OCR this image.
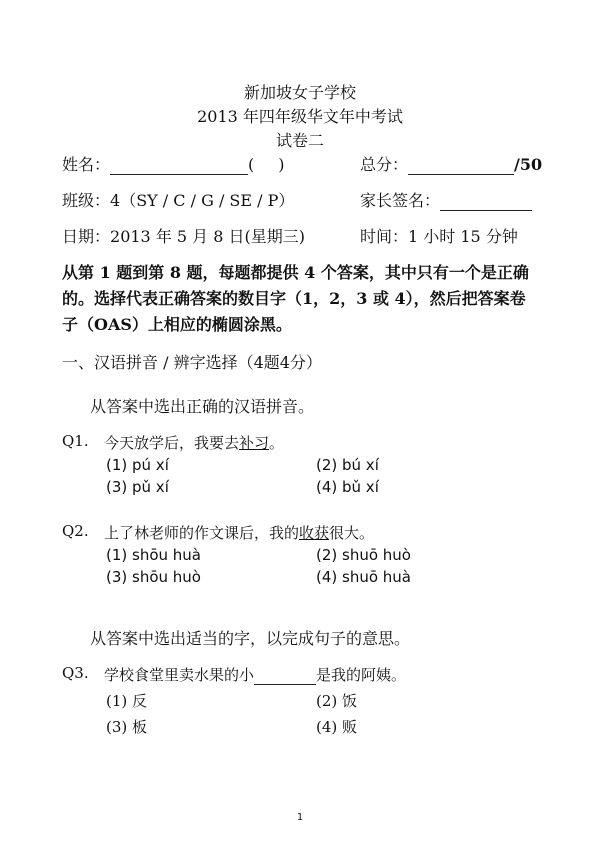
新加坡女子学校
2013 年四年级华文年中考试
试卷二
姓名：	( )	总分：	/50
班级：4（SY / C / G / SE / P）	家长签名：
日期：2013 年 5 月 8 日(星期三)	时间：1 小时 15 分钟
从第 1 题到第 8 题，每题都提供 4 个答案，其中只有一个是正确的。选择代表正确答案的数目字（1，2，3 或 4），然后把答案卷子（OAS）上相应的椭圆涂黑。
一、汉语拼音 / 辨字选择（4题4分）
从答案中选出正确的汉语拼音。
Q1. 今天放学后，我要去补习。
(1) pú xí	(2) bú xí
(3) pǔ xí	(4) bǔ xí
Q2. 上了林老师的作文课后，我的收获很大。
(1) shōu huà	(2) shuō huò
(3) shōu huò	(4) shuō huà
从答案中选出适当的字，以完成句子的意思。
Q3. 学校食堂里卖水果的小	是我的阿姨。
(1) 反	(2) 饭
(3) 板	(4) 贩
1
